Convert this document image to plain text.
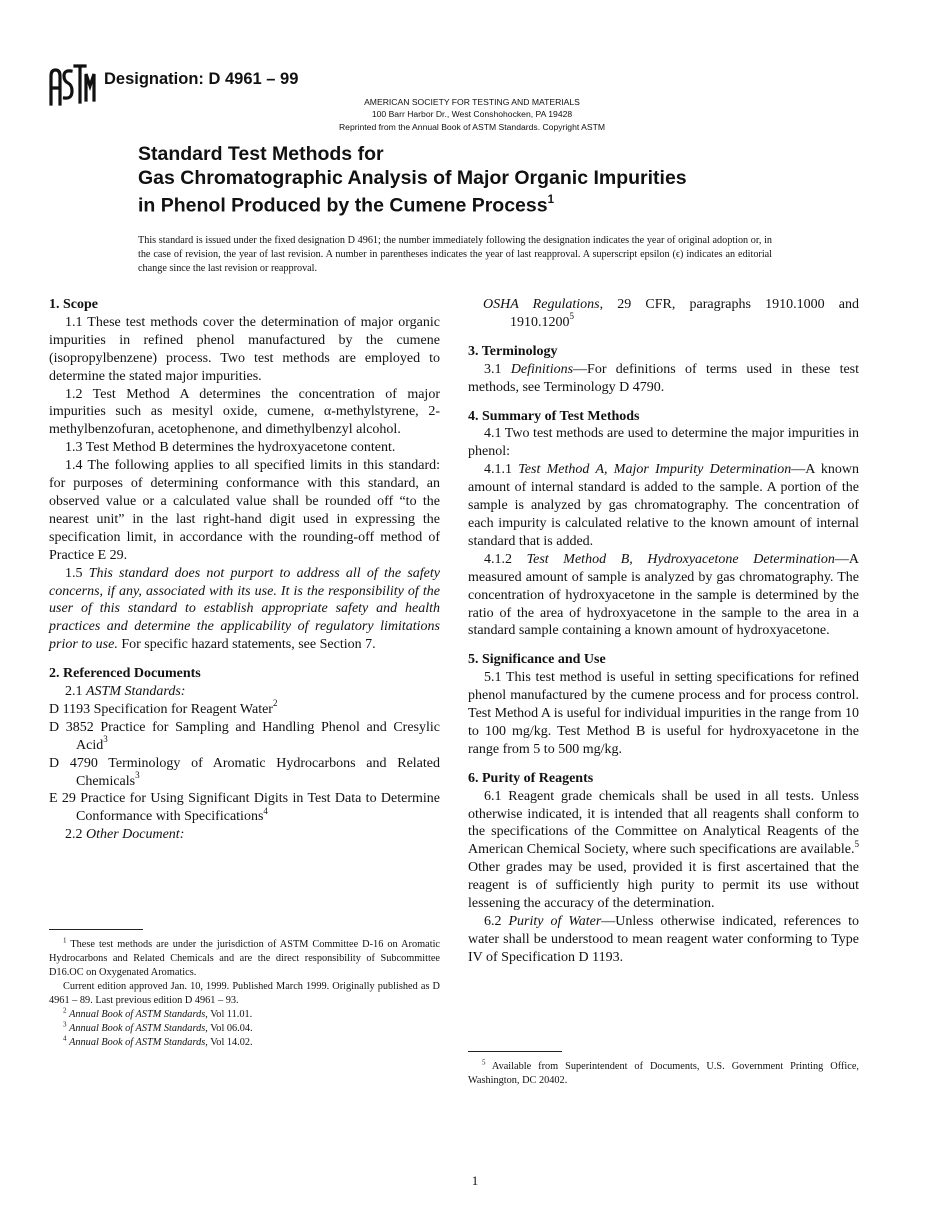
Designation: D 4961 – 99
AMERICAN SOCIETY FOR TESTING AND MATERIALS
100 Barr Harbor Dr., West Conshohocken, PA 19428
Reprinted from the Annual Book of ASTM Standards. Copyright ASTM
Standard Test Methods for
Gas Chromatographic Analysis of Major Organic Impurities
in Phenol Produced by the Cumene Process$^1$
This standard is issued under the fixed designation D 4961; the number immediately following the designation indicates the year of original adoption or, in the case of revision, the year of last revision. A number in parentheses indicates the year of last reapproval. A superscript epsilon (ϵ) indicates an editorial change since the last revision or reapproval.
1. Scope

1.1 These test methods cover the determination of major organic impurities in refined phenol manufactured by the cumene (isopropylbenzene) process. Two test methods are employed to determine the stated major impurities.

1.2 Test Method A determines the concentration of major impurities such as mesityl oxide, cumene, α-methylstyrene, 2-methylbenzofuran, acetophenone, and dimethylbenzyl alcohol.

1.3 Test Method B determines the hydroxyacetone content.

1.4 The following applies to all specified limits in this standard: for purposes of determining conformance with this standard, an observed value or a calculated value shall be rounded off “to the nearest unit” in the last right-hand digit used in expressing the specification limit, in accordance with the rounding-off method of Practice E 29.

1.5 This standard does not purport to address all of the safety concerns, if any, associated with its use. It is the responsibility of the user of this standard to establish appropriate safety and health practices and determine the applicability of regulatory limitations prior to use. For specific hazard statements, see Section 7.

2. Referenced Documents

2.1 ASTM Standards:

D 1193 Specification for Reagent Water$^2$

D 3852 Practice for Sampling and Handling Phenol and Cresylic Acid$^3$

D 4790 Terminology of Aromatic Hydrocarbons and Related Chemicals$^3$

E 29 Practice for Using Significant Digits in Test Data to Determine Conformance with Specifications$^4$

2.2 Other Document:

$^1$ These test methods are under the jurisdiction of ASTM Committee D-16 on Aromatic Hydrocarbons and Related Chemicals and are the direct responsibility of Subcommittee D16.OC on Oxygenated Aromatics.

Current edition approved Jan. 10, 1999. Published March 1999. Originally published as D 4961 – 89. Last previous edition D 4961 – 93.

$^2$ Annual Book of ASTM Standards, Vol 11.01.

$^3$ Annual Book of ASTM Standards, Vol 06.04.

$^4$ Annual Book of ASTM Standards, Vol 14.02.

OSHA Regulations, 29 CFR, paragraphs 1910.1000 and 1910.1200$^5$

3. Terminology

3.1 Definitions—For definitions of terms used in these test methods, see Terminology D 4790.

4. Summary of Test Methods

4.1 Two test methods are used to determine the major impurities in phenol:

4.1.1 Test Method A, Major Impurity Determination—A known amount of internal standard is added to the sample. A portion of the sample is analyzed by gas chromatography. The concentration of each impurity is calculated relative to the known amount of internal standard that is added.

4.1.2 Test Method B, Hydroxyacetone Determination—A measured amount of sample is analyzed by gas chromatography. The concentration of hydroxyacetone in the sample is determined by the ratio of the area of hydroxyacetone in the sample to the area in a standard sample containing a known amount of hydroxyacetone.

5. Significance and Use

5.1 This test method is useful in setting specifications for refined phenol manufactured by the cumene process and for process control. Test Method A is useful for individual impurities in the range from 10 to 100 mg/kg. Test Method B is useful for hydroxyacetone in the range from 5 to 500 mg/kg.

6. Purity of Reagents

6.1 Reagent grade chemicals shall be used in all tests. Unless otherwise indicated, it is intended that all reagents shall conform to the specifications of the Committee on Analytical Reagents of the American Chemical Society, where such specifications are available.$^5$ Other grades may be used, provided it is first ascertained that the reagent is of sufficiently high purity to permit its use without lessening the accuracy of the determination.

6.2 Purity of Water—Unless otherwise indicated, references to water shall be understood to mean reagent water conforming to Type IV of Specification D 1193.

$^5$ Available from Superintendent of Documents, U.S. Government Printing Office, Washington, DC 20402.

1
